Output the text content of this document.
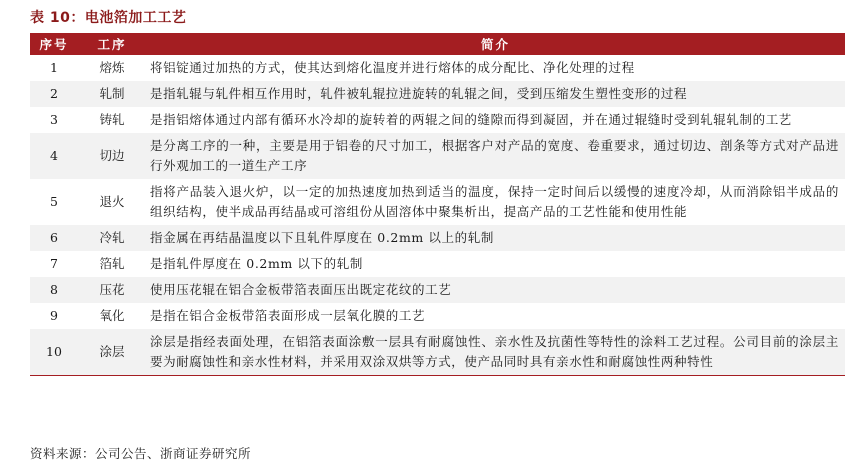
表 10：电池箔加工工艺
序号	工序	简介
1	熔炼	将铝锭通过加热的方式，使其达到熔化温度并进行熔体的成分配比、净化处理的过程
2	轧制	是指轧辊与轧件相互作用时，轧件被轧辊拉进旋转的轧辊之间，受到压缩发生塑性变形的过程
3	铸轧	是指铝熔体通过内部有循环水冷却的旋转着的两辊之间的缝隙而得到凝固，并在通过辊缝时受到轧辊轧制的工艺
4	切边	是分离工序的一种，主要是用于铝卷的尺寸加工，根据客户对产品的宽度、卷重要求，通过切边、剖条等方式对产品进行外观加工的一道生产工序
5	退火	指将产品装入退火炉，以一定的加热速度加热到适当的温度，保持一定时间后以缓慢的速度冷却，从而消除铝半成品的组织结构，使半成品再结晶或可溶组份从固溶体中聚集析出，提高产品的工艺性能和使用性能
6	冷轧	指金属在再结晶温度以下且轧件厚度在 0.2mm 以上的轧制
7	箔轧	是指轧件厚度在 0.2mm 以下的轧制
8	压花	使用压花辊在铝合金板带箔表面压出既定花纹的工艺
9	氧化	是指在铝合金板带箔表面形成一层氧化膜的工艺
10	涂层	涂层是指经表面处理，在铝箔表面涂敷一层具有耐腐蚀性、亲水性及抗菌性等特性的涂料工艺过程。公司目前的涂层主要为耐腐蚀性和亲水性材料，并采用双涂双烘等方式，使产品同时具有亲水性和耐腐蚀性两种特性
资料来源：公司公告、浙商证券研究所
